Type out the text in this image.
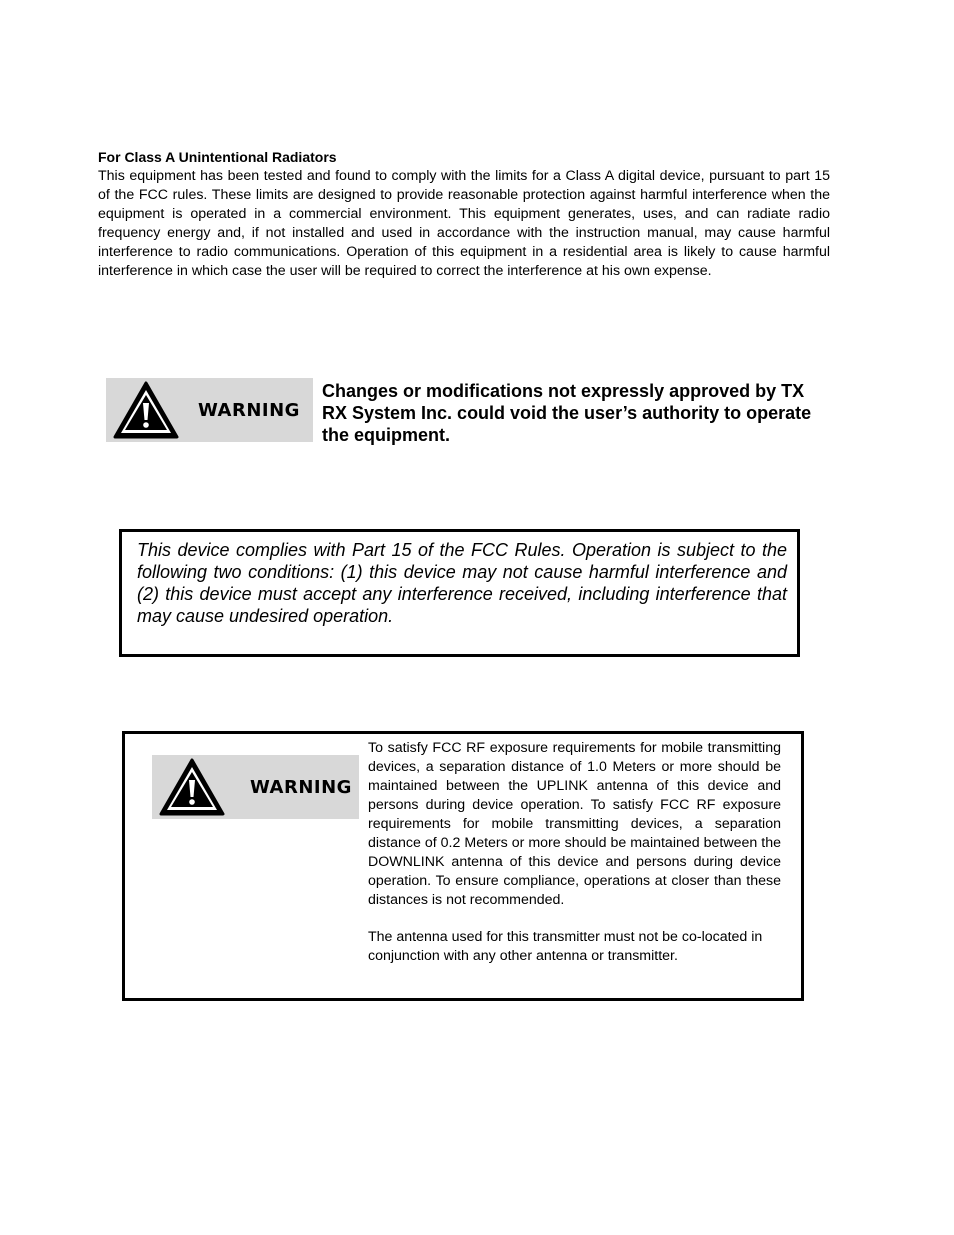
For Class A Unintentional Radiators
This equipment has been tested and found to comply with the limits for a Class A digital device, pursuant to part 15 of the FCC rules. These limits are designed to provide reasonable protection against harmful interference when the equipment is operated in a commercial environment. This equipment generates, uses, and can radiate radio frequency energy and, if not installed and used in accordance with the instruction manual, may cause harmful interference to radio communications. Operation of this equipment in a residential area is likely to cause harmful interference in which case the user will be required to correct the interference at his own expense.
WARNING
Changes or modifications not expressly approved by TX RX System Inc. could void the user’s authority to operate the equipment.
This device complies with Part 15 of the FCC Rules. Operation is subject to the following two conditions: (1) this device may not cause harmful interference and (2) this device must accept any interference received, including interference that may cause undesired operation.
WARNING

To satisfy FCC RF exposure requirements for mobile transmitting devices, a separation distance of 1.0 Meters or more should be maintained between the UPLINK antenna of this device and persons during device operation. To satisfy FCC RF exposure requirements for mobile transmitting devices, a separation distance of 0.2 Meters or more should be maintained between the DOWNLINK antenna of this device and persons during device operation. To ensure compliance, operations at closer than these distances is not recommended.

The antenna used for this transmitter must not be co-located in conjunction with any other antenna or transmitter.
